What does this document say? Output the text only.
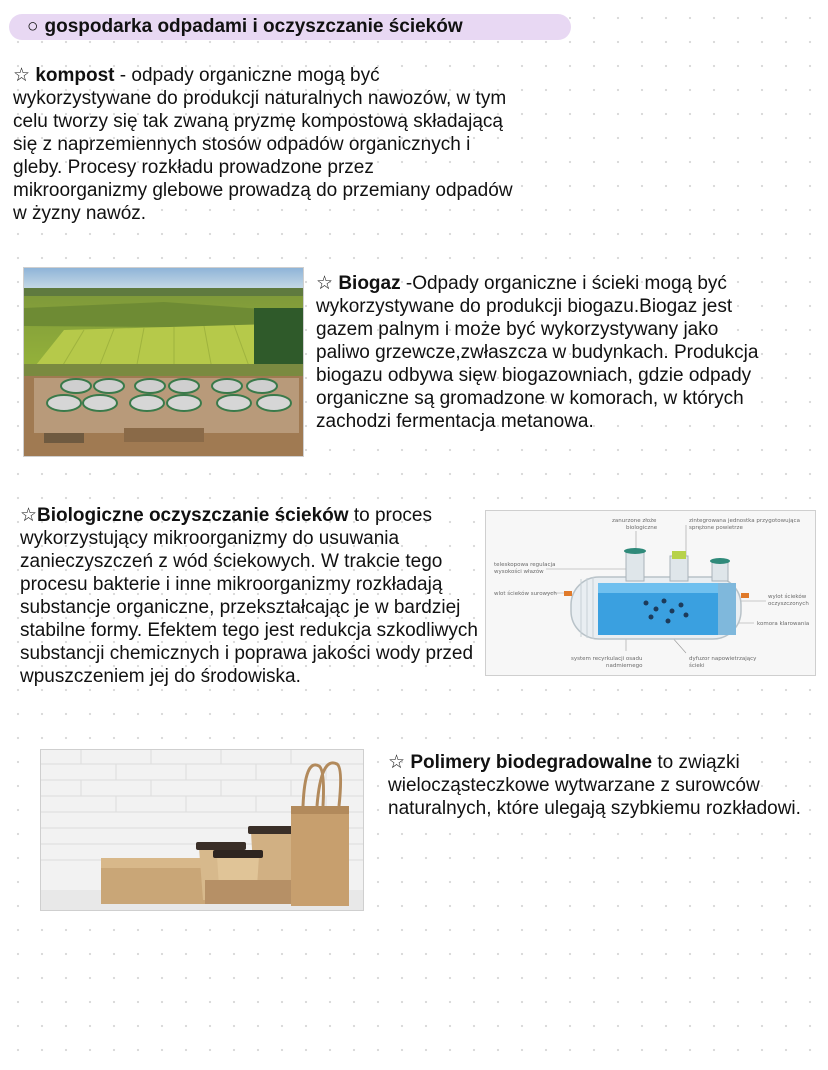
○ gospodarka odpadami i oczyszczanie ścieków

☆ kompost - odpady organiczne mogą być wykorzystywane do produkcji naturalnych nawozów, w tym celu tworzy się tak zwaną pryzmę kompostową składającą się z naprzemiennych stosów odpadów organicznych i gleby. Procesy rozkładu prowadzone przez mikroorganizmy glebowe prowadzą do przemiany odpadów w żyzny nawóz.

☆ Biogaz -Odpady organiczne i ścieki mogą być wykorzystywane do produkcji biogazu.Biogaz jest gazem palnym i może być wykorzystywany jako paliwo grzewcze,zwłaszcza w budynkach. Produkcja biogazu odbywa sięw biogazowniach, gdzie odpady organiczne są gromadzone w komorach, w których zachodzi fermentacja metanowa.

☆Biologiczne oczyszczanie ścieków to proces wykorzystujący mikroorganizmy do usuwania zanieczyszczeń z wód ściekowych. W trakcie tego procesu bakterie i inne mikroorganizmy rozkładają substancje organiczne, przekształcając je w bardziej stabilne formy. Efektem tego jest redukcja szkodliwych substancji chemicznych i poprawa jakości wody przed wpuszczeniem jej do środowiska.

zanurzone złoże
biologiczne
zintegrowana jednostka przygotowująca
sprężone powietrze
teleskopowa regulacja
wysokości włazów
wlot ścieków surowych	wylot ścieków
oczyszczonych
komora klarowania
system recyrkulacji osadu
nadmiernego
dyfuzor napowietrzający
ścieki

☆ Polimery biodegradowalne to związki wielocząsteczkowe wytwarzane z surowców naturalnych, które ulegają szybkiemu rozkładowi.
